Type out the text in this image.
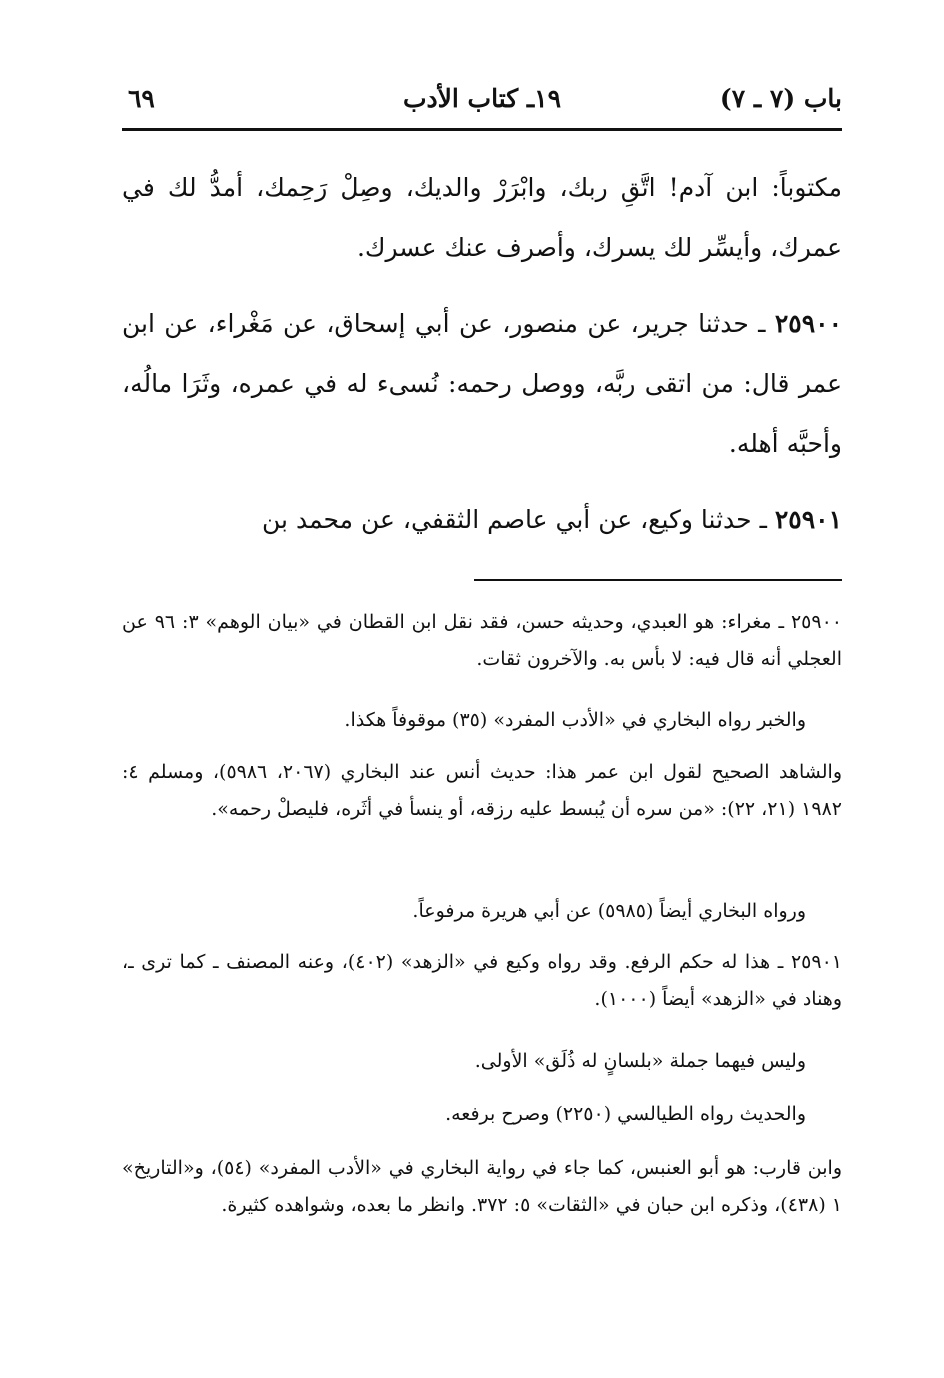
باب (٧ ـ ٧)
١٩ـ كتاب الأدب
٦٩

مكتوباً: ابن آدم! اتَّقِ ربك، وابْرَرْ والديك، وصِلْ رَحِمك، أمدُّ لك في عمرك، وأيسِّر لك يسرك، وأصرف عنك عسرك.

٢٥٩٠٠ ـ حدثنا جرير، عن منصور، عن أبي إسحاق، عن مَغْراء، عن ابن عمر قال: من اتقى ربَّه، ووصل رحمه: نُسىء له في عمره، وثَرَا مالُه، وأحبَّه أهله.

٢٥٩٠١ ـ حدثنا وكيع، عن أبي عاصم الثقفي، عن محمد بن

٢٥٩٠٠ ـ مغراء: هو العبدي، وحديثه حسن، فقد نقل ابن القطان في «بيان الوهم» ٣: ٩٦ عن العجلي أنه قال فيه: لا بأس به. والآخرون ثقات.

والخبر رواه البخاري في «الأدب المفرد» (٣٥) موقوفاً هكذا.

والشاهد الصحيح لقول ابن عمر هذا: حديث أنس عند البخاري (٢٠٦٧، ٥٩٨٦)، ومسلم ٤: ١٩٨٢ (٢١، ٢٢): «من سره أن يُبسط عليه رزقه، أو ينسأ في أثَره، فليصلْ رحمه».

ورواه البخاري أيضاً (٥٩٨٥) عن أبي هريرة مرفوعاً.

٢٥٩٠١ ـ هذا له حكم الرفع. وقد رواه وكيع في «الزهد» (٤٠٢)، وعنه المصنف ـ كما ترى ـ، وهناد في «الزهد» أيضاً (١٠٠٠).

وليس فيهما جملة «بلسانٍ له ذُلَق» الأولى.

والحديث رواه الطيالسي (٢٢٥٠) وصرح برفعه.

وابن قارب: هو أبو العنبس، كما جاء في رواية البخاري في «الأدب المفرد» (٥٤)، و«التاريخ» ١ (٤٣٨)، وذكره ابن حبان في «الثقات» ٥: ٣٧٢. وانظر ما بعده، وشواهده كثيرة.
